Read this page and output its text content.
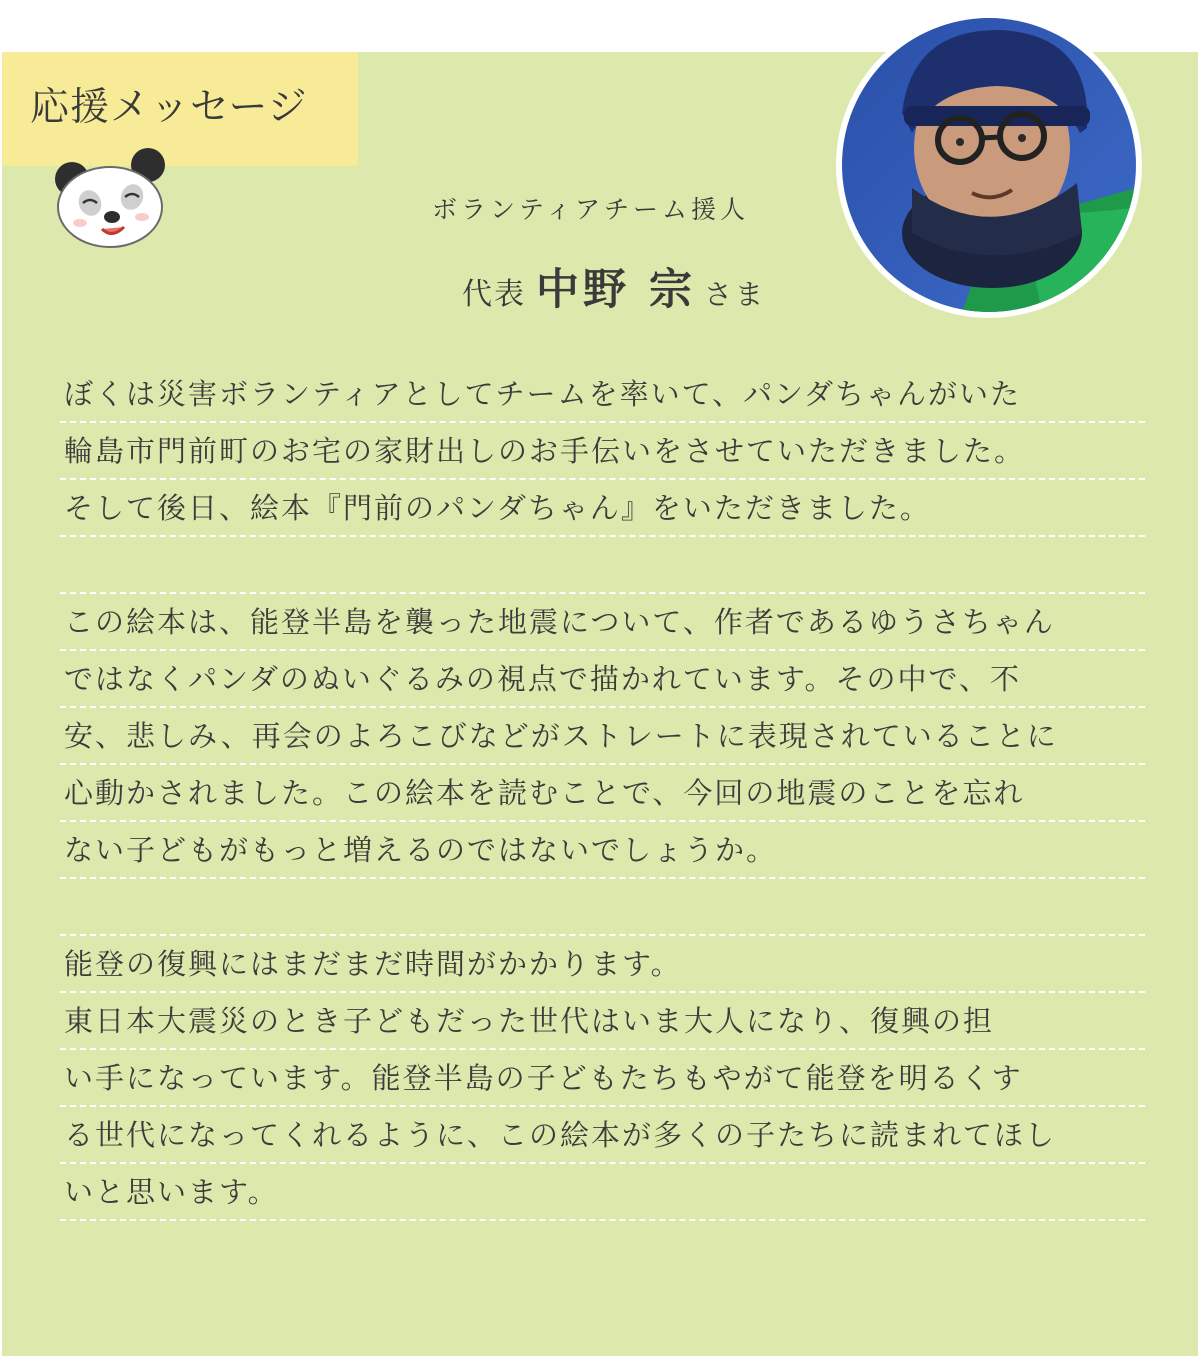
応援メッセージ
ボランティアチーム援人
代表 中野 宗 さま
ぼくは災害ボランティアとしてチームを率いて、パンダちゃんがいた
輪島市門前町のお宅の家財出しのお手伝いをさせていただきました。
そして後日、絵本『門前のパンダちゃん』をいただきました。
この絵本は、能登半島を襲った地震について、作者であるゆうさちゃん
ではなくパンダのぬいぐるみの視点で描かれています。その中で、不
安、悲しみ、再会のよろこびなどがストレートに表現されていることに
心動かされました。この絵本を読むことで、今回の地震のことを忘れ
ない子どもがもっと増えるのではないでしょうか。
能登の復興にはまだまだ時間がかかります。
東日本大震災のとき子どもだった世代はいま大人になり、復興の担
い手になっています。能登半島の子どもたちもやがて能登を明るくす
る世代になってくれるように、この絵本が多くの子たちに読まれてほし
いと思います。
